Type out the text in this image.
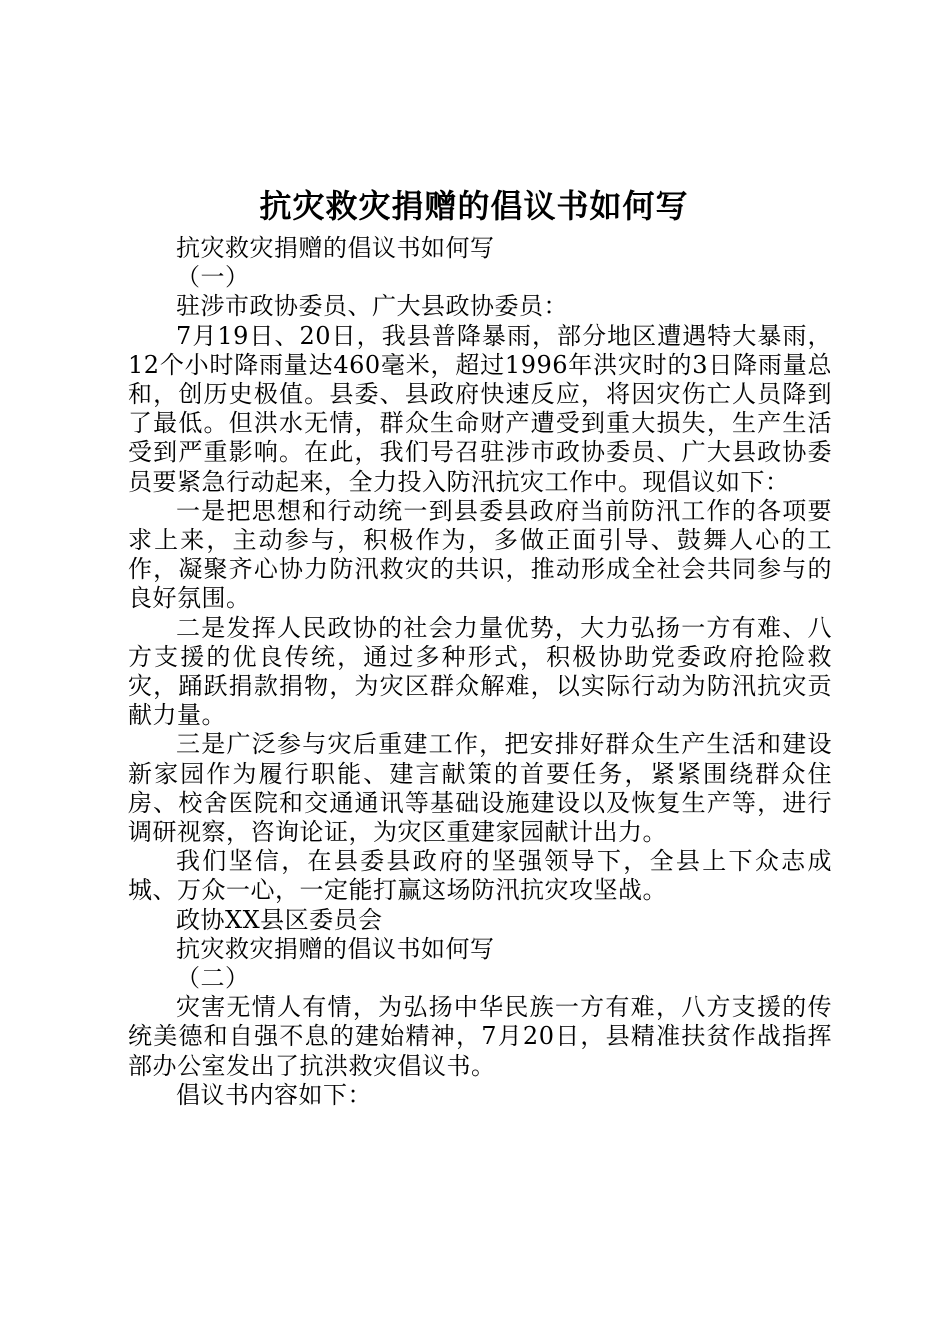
抗灾救灾捐赠的倡议书如何写

抗灾救灾捐赠的倡议书如何写

（一）

驻涉市政协委员、广大县政协委员：

7月19日、20日，我县普降暴雨，部分地区遭遇特大暴雨，12个小时降雨量达460毫米，超过1996年洪灾时的3日降雨量总和，创历史极值。县委、县政府快速反应，将因灾伤亡人员降到了最低。但洪水无情，群众生命财产遭受到重大损失，生产生活受到严重影响。在此，我们号召驻涉市政协委员、广大县政协委员要紧急行动起来，全力投入防汛抗灾工作中。现倡议如下：

一是把思想和行动统一到县委县政府当前防汛工作的各项要求上来，主动参与，积极作为，多做正面引导、鼓舞人心的工作，凝聚齐心协力防汛救灾的共识，推动形成全社会共同参与的良好氛围。

二是发挥人民政协的社会力量优势，大力弘扬一方有难、八方支援的优良传统，通过多种形式，积极协助党委政府抢险救灾，踊跃捐款捐物，为灾区群众解难，以实际行动为防汛抗灾贡献力量。

三是广泛参与灾后重建工作，把安排好群众生产生活和建设新家园作为履行职能、建言献策的首要任务，紧紧围绕群众住房、校舍医院和交通通讯等基础设施建设以及恢复生产等，进行调研视察，咨询论证，为灾区重建家园献计出力。

我们坚信，在县委县政府的坚强领导下，全县上下众志成城、万众一心，一定能打赢这场防汛抗灾攻坚战。

政协XX县区委员会

抗灾救灾捐赠的倡议书如何写

（二）

灾害无情人有情，为弘扬中华民族一方有难，八方支援的传统美德和自强不息的建始精神，7月20日，县精准扶贫作战指挥部办公室发出了抗洪救灾倡议书。

倡议书内容如下：
